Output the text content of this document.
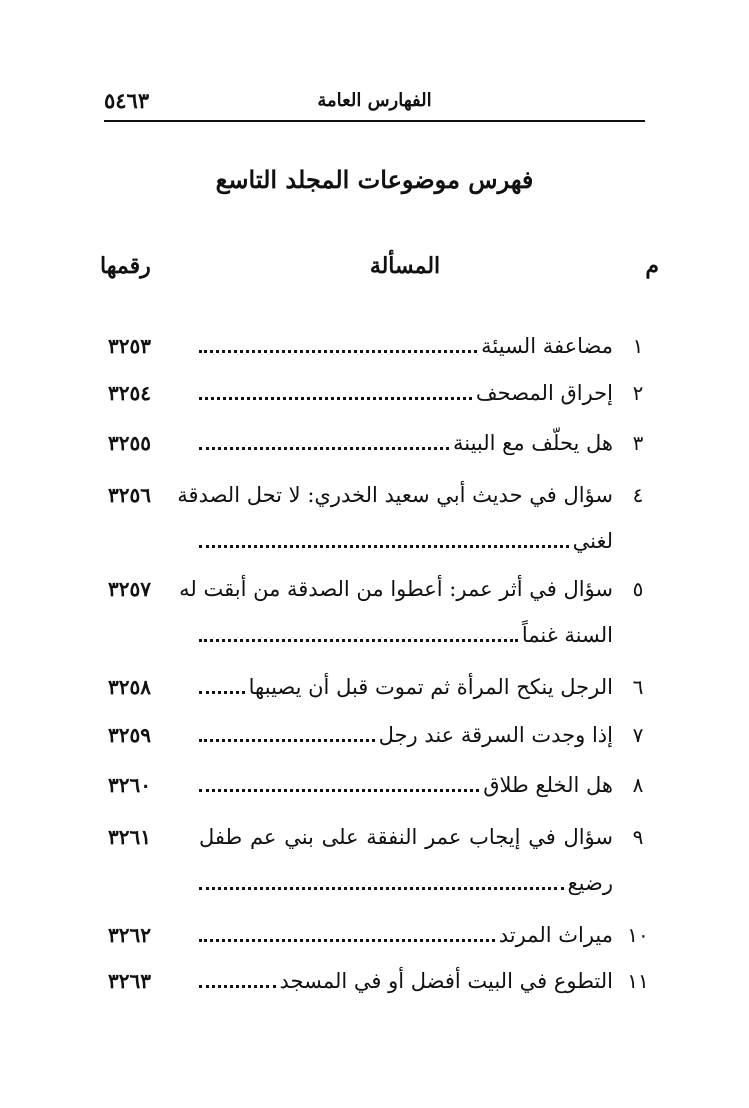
الفهارس العامة
٥٤٦٣
فهرس موضوعات المجلد التاسع
م
المسألة
رقمها
١
مضاعفة السيئة
٣٢٥٣
٢
إحراق المصحف
٣٢٥٤
٣
هل يحلّف مع البينة
٣٢٥٥
٤
سؤال في حديث أبي سعيد الخدري: لا تحل الصدقة
لغني
٣٢٥٦
٥
سؤال في أثر عمر: أعطوا من الصدقة من أبقت له
السنة غنماً
٣٢٥٧
٦
الرجل ينكح المرأة ثم تموت قبل أن يصيبها
٣٢٥٨
٧
إذا وجدت السرقة عند رجل
٣٢٥٩
٨
هل الخلع طلاق
٣٢٦٠
٩
سؤال في إيجاب عمر النفقة على بني عم طفل
رضيع
٣٢٦١
١٠
ميراث المرتد
٣٢٦٢
١١
التطوع في البيت أفضل أو في المسجد
٣٢٦٣
